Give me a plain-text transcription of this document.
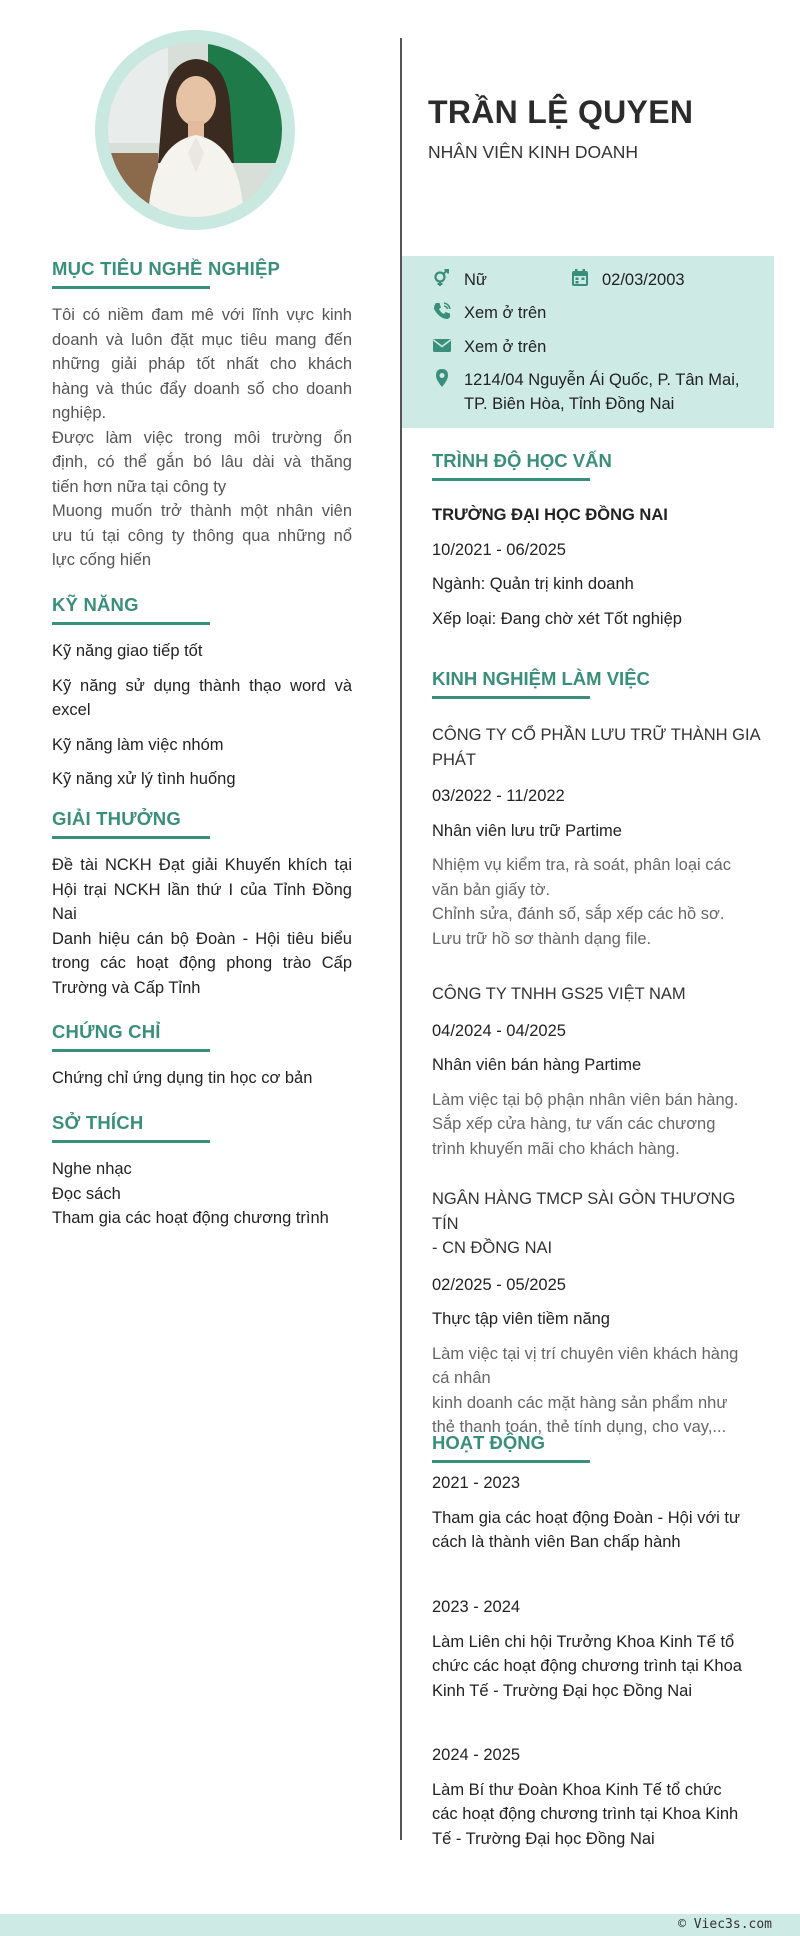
TRẦN LỆ QUYEN
NHÂN VIÊN KINH DOANH
Nữ	02/03/2003
Xem ở trên
Xem ở trên
1214/04 Nguyễn Ái Quốc, P. Tân Mai,
TP. Biên Hòa, Tỉnh Đồng Nai
MỤC TIÊU NGHỀ NGHIỆP
Tôi có niềm đam mê với lĩnh vực kinh
doanh và luôn đặt mục tiêu mang đến
những giải pháp tốt nhất cho khách
hàng và thúc đẩy doanh số cho doanh
nghiệp.
Được làm việc trong môi trường ổn
định, có thể gắn bó lâu dài và thăng
tiến hơn nữa tại công ty
Muong muốn trở thành một nhân viên
ưu tú tại công ty thông qua những nổ
lực cống hiến
KỸ NĂNG
Kỹ năng giao tiếp tốt
Kỹ năng sử dụng thành thạo word và
excel
Kỹ năng làm việc nhóm
Kỹ năng xử lý tình huống
GIẢI THƯỞNG
Đề tài NCKH Đạt giải Khuyến khích tại
Hội trại NCKH lần thứ I của Tỉnh Đồng
Nai
Danh hiệu cán bộ Đoàn - Hội tiêu biểu
trong các hoạt động phong trào Cấp
Trường và Cấp Tỉnh
CHỨNG CHỈ
Chứng chỉ ứng dụng tin học cơ bản
SỞ THÍCH
Nghe nhạc
Đọc sách
Tham gia các hoạt động chương trình
TRÌNH ĐỘ HỌC VẤN
TRƯỜNG ĐẠI HỌC ĐỒNG NAI
10/2021 - 06/2025
Ngành: Quản trị kinh doanh
Xếp loại: Đang chờ xét Tốt nghiệp
KINH NGHIỆM LÀM VIỆC
CÔNG TY CỔ PHẦN LƯU TRỮ THÀNH GIA
PHÁT
03/2022 - 11/2022
Nhân viên lưu trữ Partime
Nhiệm vụ kiểm tra, rà soát, phân loại các
văn bản giấy tờ.
Chỉnh sửa, đánh số, sắp xếp các hồ sơ.
Lưu trữ hồ sơ thành dạng file.
CÔNG TY TNHH GS25 VIỆT NAM
04/2024 - 04/2025
Nhân viên bán hàng Partime
Làm việc tại bộ phận nhân viên bán hàng.
Sắp xếp cửa hàng, tư vấn các chương
trình khuyến mãi cho khách hàng.
NGÂN HÀNG TMCP SÀI GÒN THƯƠNG TÍN
- CN ĐỒNG NAI
02/2025 - 05/2025
Thực tập viên tiềm năng
Làm việc tại vị trí chuyên viên khách hàng
cá nhân
kinh doanh các mặt hàng sản phẩm như
thẻ thanh toán, thẻ tính dụng, cho vay,...
HOẠT ĐỘNG
2021 - 2023
Tham gia các hoạt động Đoàn - Hội với tư
cách là thành viên Ban chấp hành
2023 - 2024
Làm Liên chi hội Trưởng Khoa Kinh Tế tổ
chức các hoạt động chương trình tại Khoa
Kinh Tế - Trường Đại học Đồng Nai
2024 - 2025
Làm Bí thư Đoàn Khoa Kinh Tế tổ chức
các hoạt động chương trình tại Khoa Kinh
Tế - Trường Đại học Đồng Nai
© Viec3s.com
